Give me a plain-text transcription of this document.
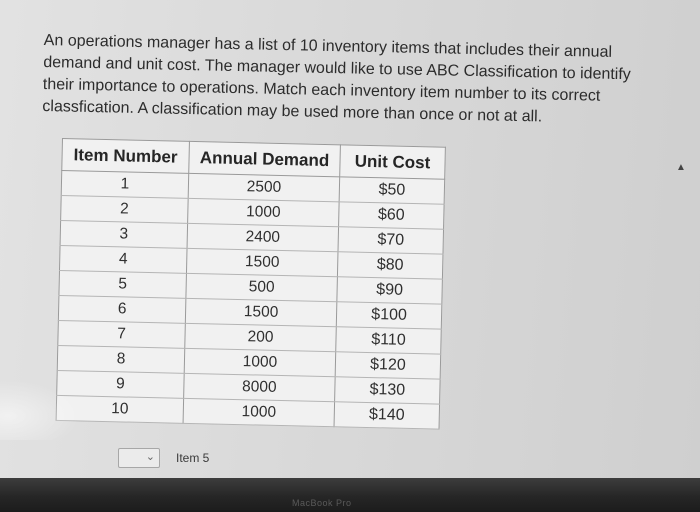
An operations manager has a list of 10 inventory items that includes their annual
demand and unit cost. The manager would like to use ABC Classification to identify
their importance to operations. Match each inventory item number to its correct
classfication. A classification may be used more than once or not at all.
Item Number	Annual Demand	Unit Cost
1	2500	$50
2	1000	$60
3	2400	$70
4	1500	$80
5	500	$90
6	1500	$100
7	200	$110
8	1000	$120
9	8000	$130
10	1000	$140
⌄ Item 5
▲
MacBook Pro
